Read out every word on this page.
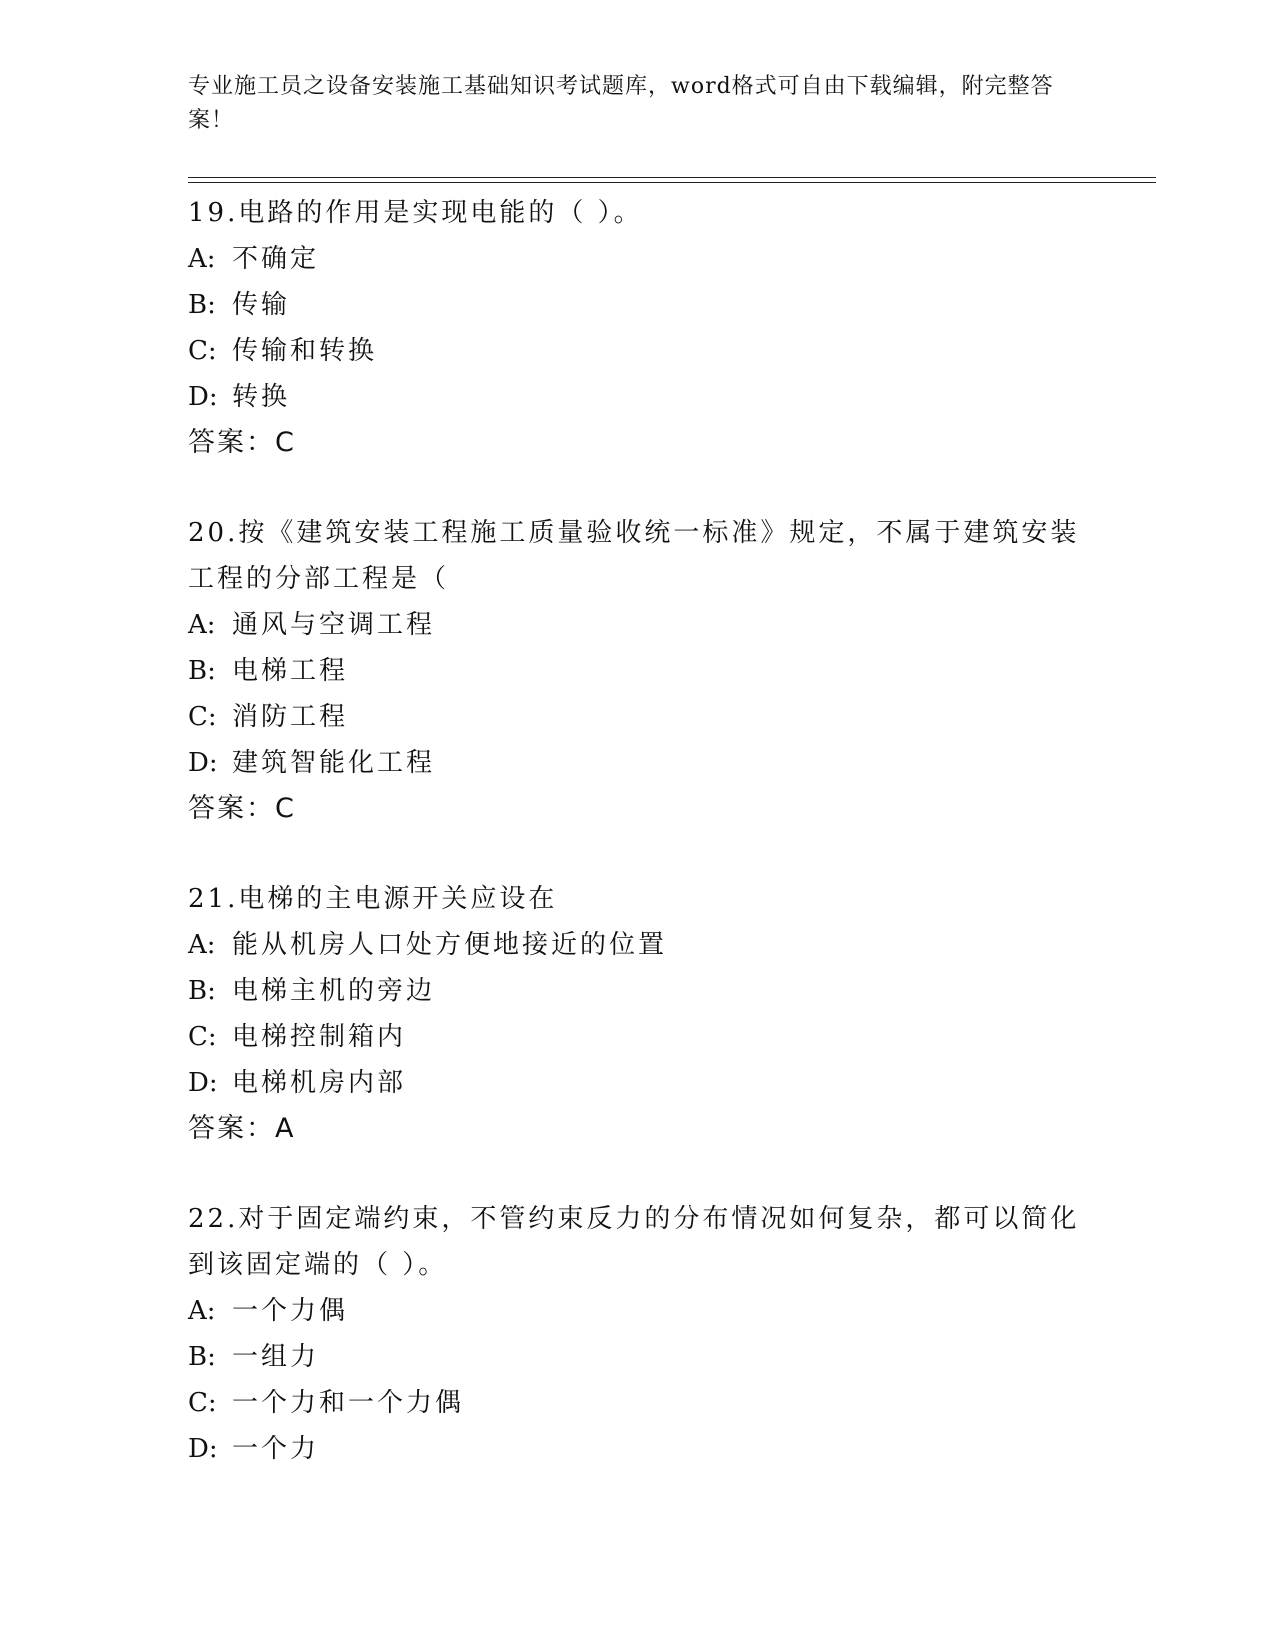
专业施工员之设备安装施工基础知识考试题库，word格式可自由下载编辑，附完整答案！
19.电路的作用是实现电能的（ ）。
A: 不确定
B: 传输
C: 传输和转换
D: 转换
答案：C
20.按《建筑安装工程施工质量验收统一标准》规定，不属于建筑安装工程的分部工程是（
A: 通风与空调工程
B: 电梯工程
C: 消防工程
D: 建筑智能化工程
答案：C
21.电梯的主电源开关应设在
A: 能从机房人口处方便地接近的位置
B: 电梯主机的旁边
C: 电梯控制箱内
D: 电梯机房内部
答案：A
22.对于固定端约束，不管约束反力的分布情况如何复杂，都可以简化到该固定端的（ ）。
A: 一个力偶
B: 一组力
C: 一个力和一个力偶
D: 一个力
